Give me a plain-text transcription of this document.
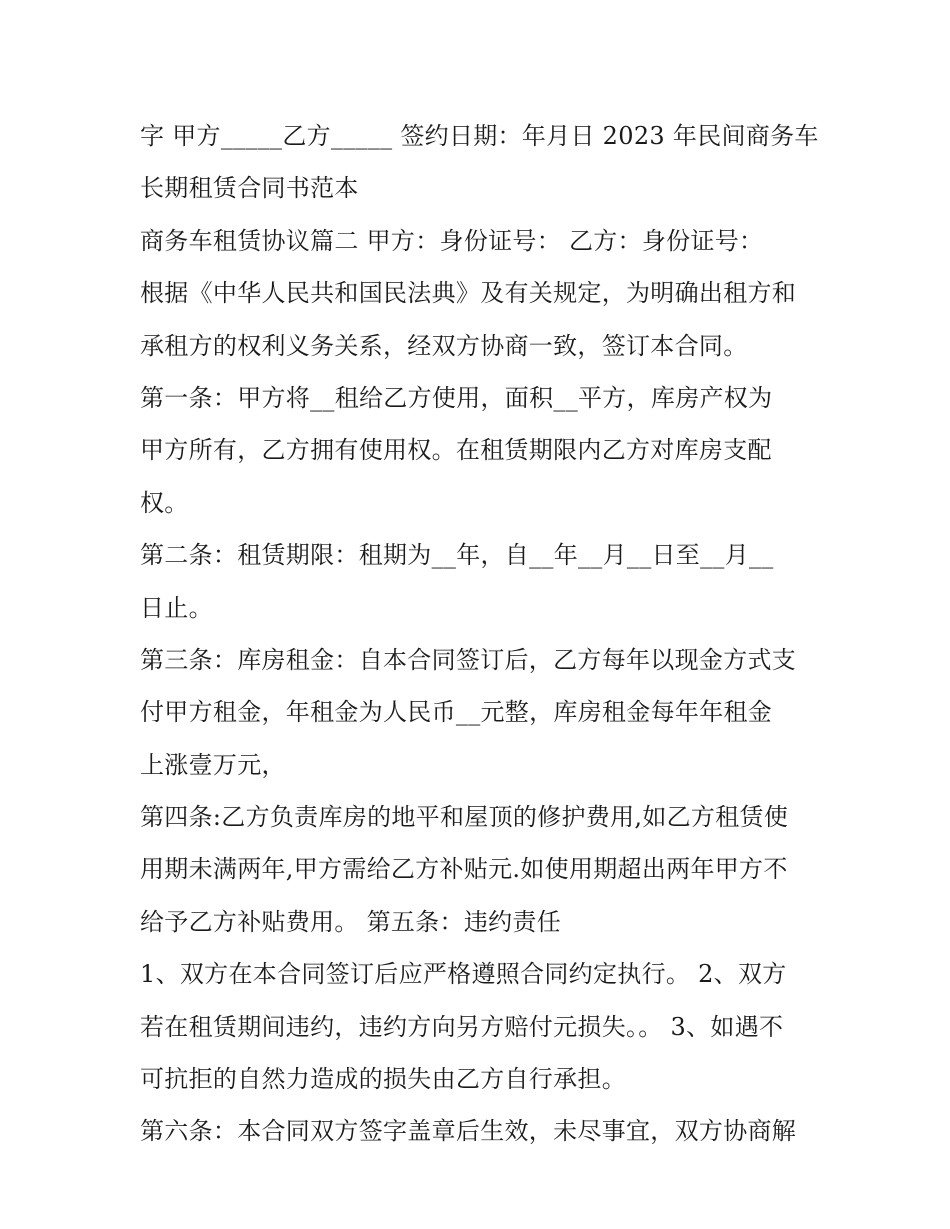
字 甲方_____乙方_____ 签约日期：年月日 2023 年民间商务车
长期租赁合同书范本
商务车租赁协议篇二 甲方：身份证号： 乙方：身份证号：
根据《中华人民共和国民法典》及有关规定，为明确出租方和
承租方的权利义务关系，经双方协商一致，签订本合同。
第一条：甲方将__租给乙方使用，面积__平方，库房产权为
甲方所有，乙方拥有使用权。在租赁期限内乙方对库房支配
权。
第二条：租赁期限：租期为__年，自__年__月__日至__月__
日止。
第三条：库房租金：自本合同签订后，乙方每年以现金方式支
付甲方租金，年租金为人民币__元整，库房租金每年年租金
上涨壹万元，
第四条:乙方负责库房的地平和屋顶的修护费用,如乙方租赁使
用期未满两年,甲方需给乙方补贴元.如使用期超出两年甲方不
给予乙方补贴费用。 第五条：违约责任
1、双方在本合同签订后应严格遵照合同约定执行。 2、双方
若在租赁期间违约，违约方向另方赔付元损失。。 3、如遇不
可抗拒的自然力造成的损失由乙方自行承担。
第六条：本合同双方签字盖章后生效，未尽事宜，双方协商解
